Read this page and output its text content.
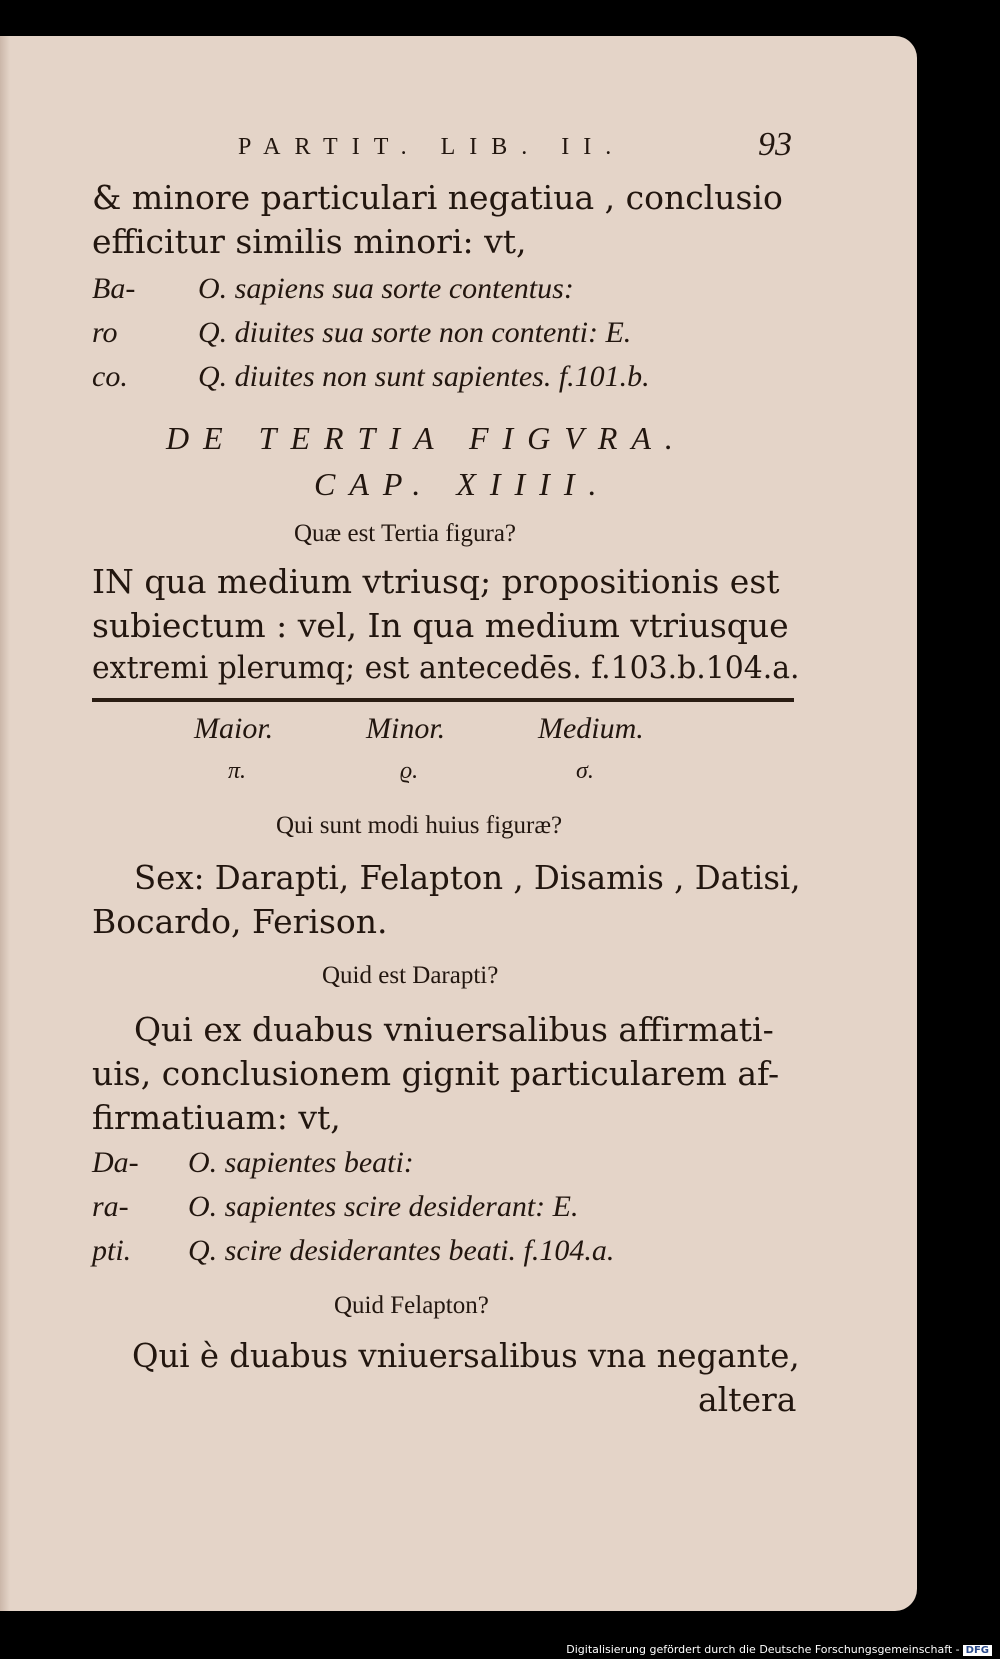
PARTIT. LIB. II.	93
& minore particulari negatiua , conclusio
efficitur similis minori: vt,
Ba- O. sapiens sua sorte contentus:
ro	Q. diuites sua sorte non contenti: E.
co. Q. diuites non sunt sapientes. f.101.b.
DE TERTIA FIGVRA.
CAP. XIIII.
Quæ est Tertia figura?
IN qua medium vtriusq; propositionis est
subiectum : vel, In qua medium vtriusque
extremi plerumq; est antecedēs. f.103.b.104.a.
Maior.	Minor.	Medium.
π.	ϱ.	σ.
Qui sunt modi huius figuræ?
Sex: Darapti, Felapton , Disamis , Datisi,
Bocardo, Ferison.
Quid est Darapti?
Qui ex duabus vniuersalibus affirmati-
uis, conclusionem gignit particularem af-
firmatiuam: vt,
Da- O. sapientes beati:
ra- O. sapientes scire desiderant: E.
pti. Q. scire desiderantes beati. f.104.a.
Quid Felapton?
Qui è duabus vniuersalibus vna negante,
altera
Digitalisierung gefördert durch die Deutsche Forschungsgemeinschaft - DFG
